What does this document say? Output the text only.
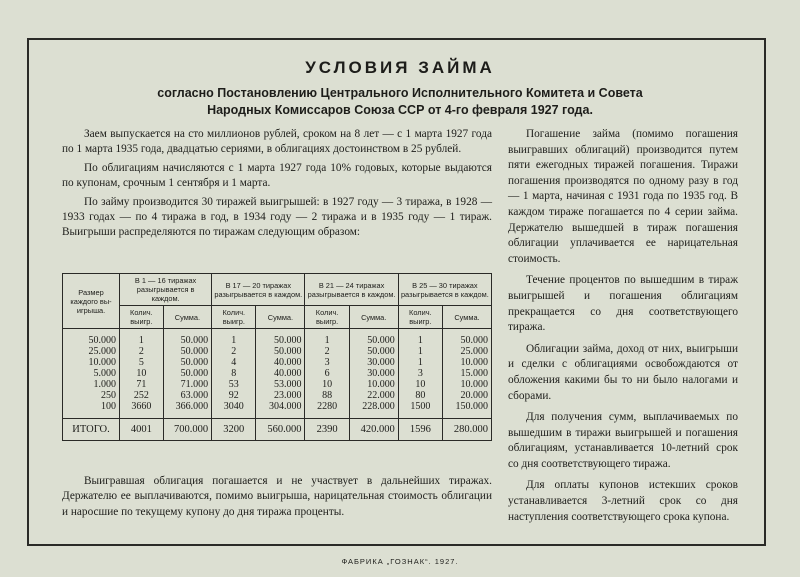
УСЛОВИЯ ЗАЙМА
согласно Постановлению Центрального Исполнительного Комитета и Совета Народных Комиссаров Союза ССР от 4-го февраля 1927 года.

Заем выпускается на сто миллионов рублей, сроком на 8 лет — с 1 марта 1927 года по 1 марта 1935 года, двадцатью сериями, в облигациях достоинством в 25 рублей.

По облигациям начисляются с 1 марта 1927 года 10% годовых, которые выдаются по купонам, срочным 1 сентября и 1 марта.

По займу производится 30 тиражей выигрышей: в 1927 году — 3 тиража, в 1928 — 1933 годах — по 4 тиража в год, в 1934 году — 2 тиража и в 1935 году — 1 тираж. Выигрыши распределяются по тиражам следующим образом:

Размер каждого вы-игрыша.	В 1 — 16 тиражах разыгрывается в каждом.		В 17 — 20 тиражах разыгрывается в каждом.		В 21 — 24 тиражах разыгрывается в каждом.		В 25 — 30 тиражах разыгрывается в каждом.	
	Колич. выигр.	Сумма.	Колич. выигр.	Сумма.	Колич. выигр.	Сумма.	Колич. выигр.	Сумма.
50.000	1	50.000	1	50.000	1	50.000	1	50.000
25.000	2	50.000	2	50.000	2	50.000	1	25.000
10.000	5	50.000	4	40.000	3	30.000	1	10.000
5.000	10	50.000	8	40.000	6	30.000	3	15.000
1.000	71	71.000	53	53.000	10	10.000	10	10.000
250	252	63.000	92	23.000	88	22.000	80	20.000
100	3660	366.000	3040	304.000	2280	228.000	1500	150.000
ИТОГО.	4001	700.000	3200	560.000	2390	420.000	1596	280.000

Выигравшая облигация погашается и не участвует в дальнейших тиражах. Держателю ее выплачиваются, помимо выигрыша, нарицательная стоимость облигации и наросшие по текущему купону до дня тиража проценты.

Погашение займа (помимо погашения выигравших облигаций) производится путем пяти ежегодных тиражей погашения. Тиражи погашения производятся по одному разу в год — 1 марта, начиная с 1931 года по 1935 год. В каждом тираже погашается по 4 серии займа. Держателю вышедшей в тираж погашения облигации уплачивается ее нарицательная стоимость.

Течение процентов по вышедшим в тираж выигрышей и погашения облигациям прекращается со дня соответствующего тиража.

Облигации займа, доход от них, выигрыши и сделки с облигациями освобождаются от обложения какими бы то ни было налогами и сборами.

Для получения сумм, выплачиваемых по вышедшим в тиражи выигрышей и погашения облигациям, устанавливается 10-летний срок со дня соответствующего тиража.

Для оплаты купонов истекших сроков устанавливается 3-летний срок со дня наступления соответствующего срока купона.

ФАБРИКА „ГОЗНАК“. 1927.
